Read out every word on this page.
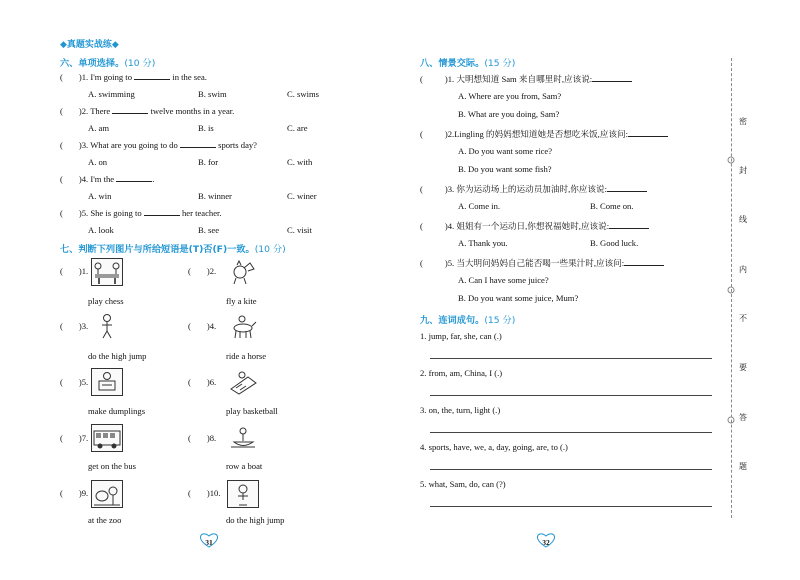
◆真题实战练◆
六、单项选择。(10 分)
( )1. I'm going to	in the sea.
A. swimming	B. swim	C. swims
( )2. There	twelve months in a year.
A. am	B. is	C. are
( )3. What are you going to do	sports day?
A. on	B. for	C. with
( )4. I'm the	.
A. win	B. winner	C. winer
( )5. She is going to	her teacher.
A. look	B. see	C. visit
七、判断下列图片与所给短语是(T)否(F)一致。(10 分)
( )1.
play chess
( )2.
fly a kite
( )3.
do the high jump
( )4.
ride a horse
( )5.
make dumplings
( )6.
play basketball
( )7.
get on the bus
( )8.
row a boat
( )9.
at the zoo
( )10.
do the high jump
31
八、情景交际。(15 分)
(	)1. 大明想知道 Sam 来自哪里时,应该说:
A. Where are you from, Sam?
B. What are you doing, Sam?
(	)2.Lingling 的妈妈想知道她是否想吃米饭,应该问:
A. Do you want some rice?
B. Do you want some fish?
(	)3. 你为运动场上的运动员加油时,你应该说:
A. Come in.	B. Come on.
(	)4. 姐姐有一个运动日,你想祝福她时,应该说:
A. Thank you.	B. Good luck.
(	)5. 当大明问妈妈自己能否喝一些果汁时,应该问:
A. Can I have some juice?
B. Do you want some juice, Mum?
九、连词成句。(15 分)
1. jump, far, she, can (.)
2. from, am, China, I (.)
3. on, the, turn, light (.)
4. sports, have, we, a, day, going, are, to (.)
5. what, Sam, do, can (?)
32
密
封
线
内
不
要
答
题
